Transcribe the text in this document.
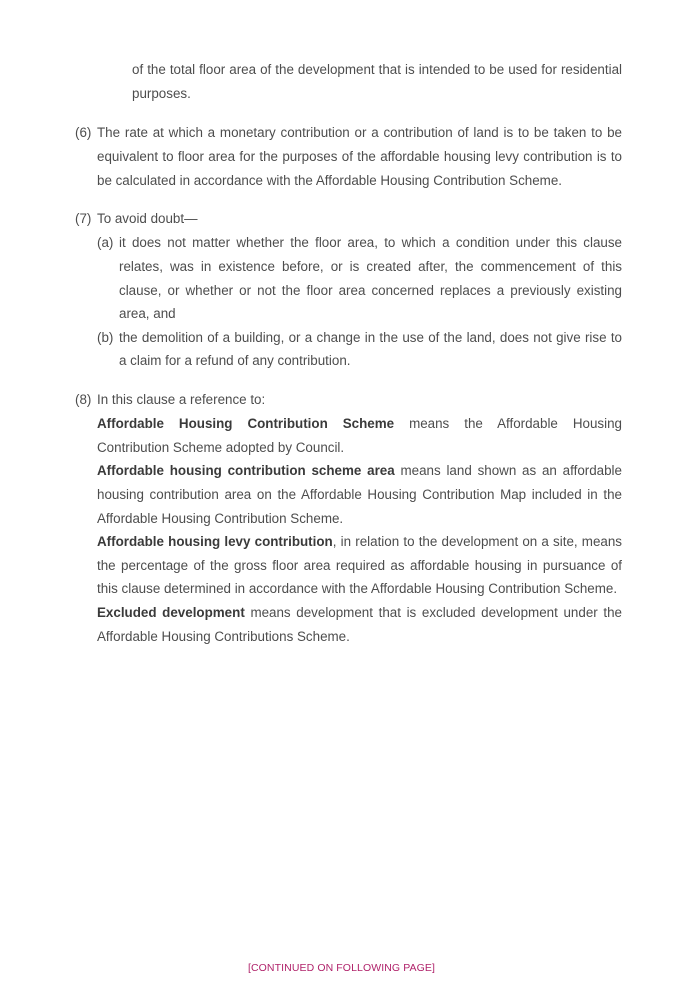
of the total floor area of the development that is intended to be used for residential
purposes.
(6) The rate at which a monetary contribution or a contribution of land is to be taken to be
equivalent to floor area for the purposes of the affordable housing levy contribution is to
be calculated in accordance with the Affordable Housing Contribution Scheme.
(7) To avoid doubt—
(a) it does not matter whether the floor area, to which a condition under this clause
relates, was in existence before, or is created after, the commencement of this
clause, or whether or not the floor area concerned replaces a previously existing
area, and
(b) the demolition of a building, or a change in the use of the land, does not give rise to
a claim for a refund of any contribution.
(8) In this clause a reference to:
Affordable Housing Contribution Scheme means the Affordable Housing
Contribution Scheme adopted by Council.
Affordable housing contribution scheme area means land shown as an affordable
housing contribution area on the Affordable Housing Contribution Map included in the
Affordable Housing Contribution Scheme.
Affordable housing levy contribution, in relation to the development on a site, means
the percentage of the gross floor area required as affordable housing in pursuance of
this clause determined in accordance with the Affordable Housing Contribution Scheme.
Excluded development means development that is excluded development under the
Affordable Housing Contributions Scheme.
[CONTINUED ON FOLLOWING PAGE]
